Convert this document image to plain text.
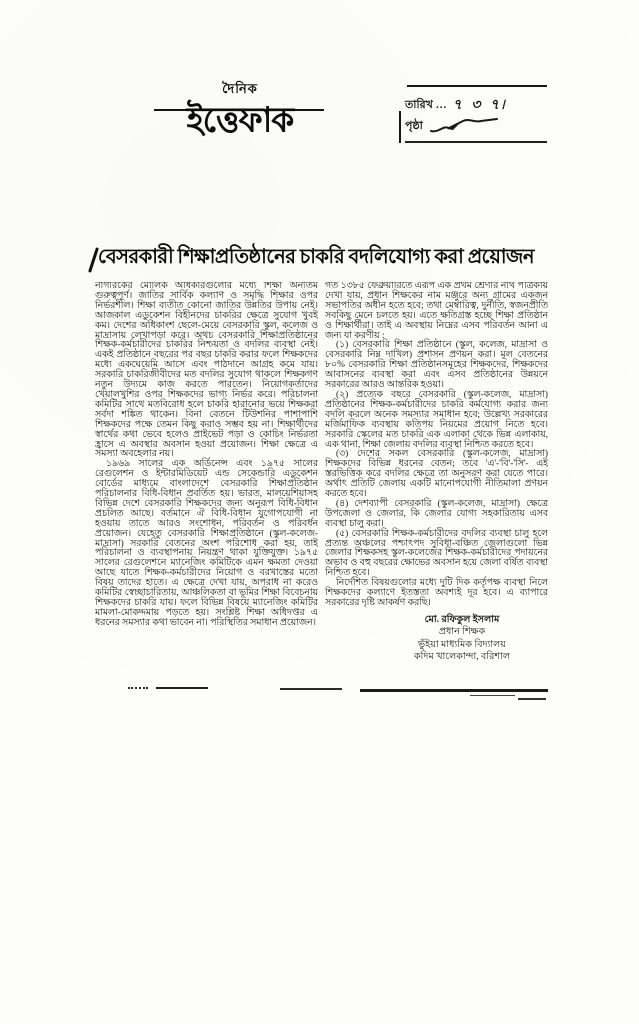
দৈনিক
ইত্তেফাক	তারিখ … ৭ ৩ ৭৷
পৃষ্ঠা
বেসরকারী শিক্ষাপ্রতিষ্ঠানের চাকরি বদলিযোগ্য করা প্রয়োজন

নাগরিকের মৌলিক অধিকারগুলোর মধ্যে শিক্ষা অন্যতম গুরুত্বপূর্ণ। জাতির সার্বিক কল্যাণ ও সমৃদ্ধি শিক্ষার ওপর নির্ভরশীল। শিক্ষা ব্যতীত কোনো জাতির উন্নতির উপায় নেই। আজকাল এডুকেশন বিহীনদের চাকরির ক্ষেত্রে সুযোগ খুবই কম। দেশের অধিকাংশ ছেলে-মেয়ে বেসরকারি স্কুল, কলেজ ও মাদ্রাসায় লেখাপড়া করে। অথচ বেসরকারি শিক্ষাপ্রতিষ্ঠানের শিক্ষক-কর্মচারীদের চাকরির নিশ্চয়তা ও বদলির ব্যবস্থা নেই। একই প্রতিষ্ঠানে বছরের পর বছর চাকরি করার ফলে শিক্ষকদের মধ্যে একঘেয়েমি আসে এবং পাঠদানে আগ্রহ কমে যায়। সরকারি চাকরিজীবীদের মত বদলির সুযোগ থাকলে শিক্ষকগণ নতুন উদ্যমে কাজ করতে পারতেন। নিয়োগকর্তাদের খেয়ালখুশির ওপর শিক্ষকদের ভাগ্য নির্ভর করে। পরিচালনা কমিটির সাথে মতবিরোধ হলে চাকরি হারানোর ভয়ে শিক্ষকরা সর্বদা শঙ্কিত থাকেন। বিনা বেতনে টিউশনির পাশাপাশি শিক্ষকদের পক্ষে তেমন কিছু করাও সম্ভব হয় না। শিক্ষার্থীদের স্বার্থের কথা ভেবে হলেও প্রাইভেট পড়া ও কোচিং নির্ভরতা হ্রাসে এ অবস্থার অবসান হওয়া প্রয়োজন। শিক্ষা ক্ষেত্রে এ সমস্যা অবহেলার নয়।

১৯৬৯ সালের এক অর্ডিনেন্স এবং ১৯৭৫ সালের রেগুলেশন ও ইন্টারমিডিয়েট এন্ড সেকেন্ডারি এডুকেশন বোর্ডের মাধ্যমে বাংলাদেশে বেসরকারি শিক্ষাপ্রতিষ্ঠান পরিচালনার বিধি-বিধান প্রবর্তিত হয়। ভারত, মালয়েশিয়াসহ বিভিন্ন দেশে বেসরকারি শিক্ষকদের জন্য অনুরূপ বিধি-বিধান প্রচলিত আছে। বর্তমানে ঐ বিধি-বিধান যুগোপযোগী না হওয়ায় তাতে আরও সংশোধন, পরিবর্তন ও পরিবর্ধন প্রয়োজন। যেহেতু বেসরকারি শিক্ষাপ্রতিষ্ঠানে (স্কুল-কলেজ-মাদ্রাসা) সরকারি বেতনের অংশ পরিশোধ করা হয়, তাই পরিচালনা ও ব্যবস্থাপনায় নিয়ন্ত্রণ থাকা যুক্তিযুক্ত। ১৯৭৫ সালের রেগুলেশনে ম্যানেজিং কমিটিকে এমন ক্ষমতা দেওয়া আছে যাতে শিক্ষক-কর্মচারীদের নিয়োগ ও বরখাস্তের মতো বিষয় তাদের হাতে। এ ক্ষেত্রে দেখা যায়, অপরাধ না করেও কমিটির স্বেচ্ছাচারিতায়, আঞ্চলিকতা বা ভূমির শিক্ষা বিবেচনায় শিক্ষকদের চাকরি যায়। ফলে বিভিন্ন বিষয়ে ম্যানেজিং কমিটির মামলা-মোকদ্দমায় পড়তে হয়। সংশ্লিষ্ট শিক্ষা অধিদপ্তর এ ধরনের সমস্যার কথা ভাবেন না। পরিস্থিতির সমাধান প্রয়োজন।

গত ১৩৮৫ ফেব্রুয়ারিতে এরূপ এক প্রথম শ্রেণীর নথি পত্রিকায় দেখা যায়, প্রধান শিক্ষকের নাম মঞ্জুরে অন্য গ্রামের একজন সভাপতির অধীন হতে হবে; তথা মেম্বারিত্ব, দুর্নীতি, স্বজনপ্রীতি সবকিছু মেনে চলতে হয়। এতে ক্ষতিগ্রস্ত হচ্ছে শিক্ষা প্রতিষ্ঠান ও শিক্ষার্থীরা। তাই এ অবস্থায় নিম্নের এসব পরিবর্তন আনা এ জন্য যা করণীয় :

(১) বেসরকারি শিক্ষা প্রতিষ্ঠানে (স্কুল, কলেজ, মাদ্রাসা ও বেসরকারি নিম্ন দাখিল) প্রশাসন প্রণয়ন করা। মূল বেতনের ৮০% বেসরকারি শিক্ষা প্রতিষ্ঠানসমূহের শিক্ষকদের, শিক্ষকদের আবাসনের ব্যবস্থা করা এবং এসব প্রতিষ্ঠানের উন্নয়নে সরকারের আরও আন্তরিক হওয়া।

(২) প্রত্যেক বছরে বেসরকারি (স্কুল-কলেজ, মাদ্রাসা) প্রতিষ্ঠানের শিক্ষক-কর্মচারীদের চাকরি কর্মযোগ্য করার জন্য বদলি করলে অনেক সমস্যার সমাধান হবে; উল্লেখ্য সরকারের মর্জিমাফিক ব্যবস্থায় কতিপয় নিয়মের প্রয়োগ নিতে হবে। সরকারি স্কেলের মত চাকরি এক এলাকা থেকে ভিন্ন এলাকায়, এক থানা, শিক্ষা জেলায় বদলির ব্যবস্থা নিশ্চিত করতে হবে।

(৩) দেশের সকল বেসরকারি (স্কুল-কলেজ, মাদ্রাসা) শিক্ষকদের বিভিন্ন ধরনের বেতন; তবে 'এ'-'বি'-'সি'- এই স্তরভিত্তিক করে বদলির ক্ষেত্রে তা অনুসরণ করা যেতে পারে। অর্থাৎ প্রতিটি জেলায় একটি মানোপযোগী নীতিমালা প্রণয়ন করতে হবে।

(৪) দেশব্যাপী বেসরকারি (স্কুল-কলেজ, মাদ্রাসা) ক্ষেত্রে উপজেলা ও জেলার, কি জেলার যোগ্য সহকারিতায় এসব ব্যবস্থা চালু করা।

(৫) বেসরকারি শিক্ষক-কর্মচারীদের বদলির ব্যবস্থা চালু হলে প্রত্যন্ত অঞ্চলের পশ্চাৎপদ সুবিধা-বঞ্চিত জেলাগুলো ভিন্ন জেলার শিক্ষকসহ স্কুল-কলেজের শিক্ষক-কর্মচারীদের পদায়নের অভাব ও বহু বছরের ক্ষোভের অবসান হয়ে জেলা বর্ষিত ব্যবস্থা নিশ্চিত হবে।

নির্দেশিত বিষয়গুলোর মধ্যে দুটি দিক কর্তৃপক্ষ ব্যবস্থা নিলে শিক্ষকদের কল্যাণে ইতস্ততা অবশ্যই দূর হবে। এ ব্যাপারে সরকারের দৃষ্টি আকর্ষণ করছি।

মো. রফিকুল ইসলাম
প্রধান শিক্ষক
ভুঁইয়া মাধ্যমিক বিদ্যালয়
কদিম খালেকান্দা, বরিশাল
